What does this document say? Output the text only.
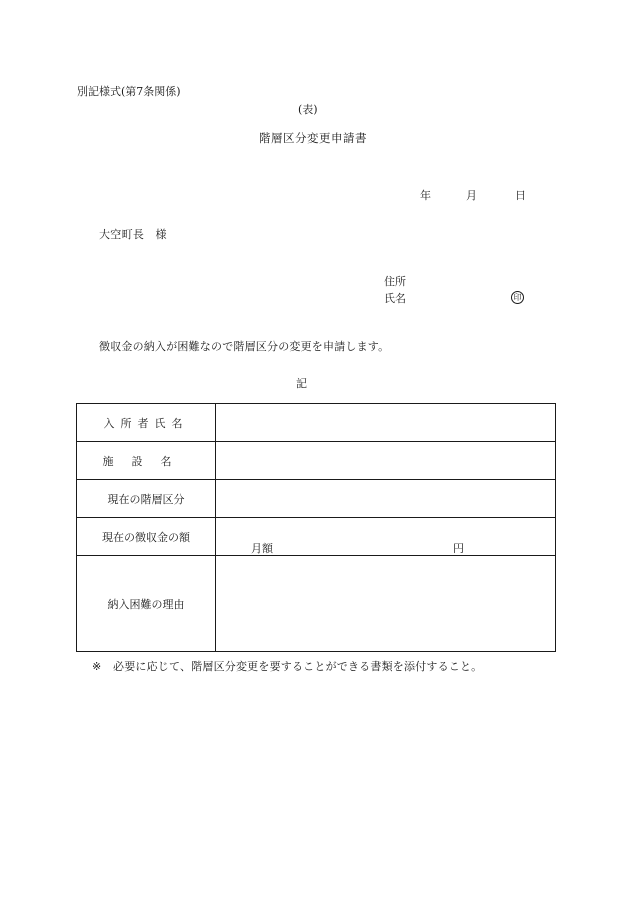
別記様式(第7条関係)
(表)
階層区分変更申請書
年	月	日
大空町長　様
住所
氏名	印
徴収金の納入が困難なので階層区分の変更を申請します。
記
入所者氏名	
施設名	
現在の階層区分	
現在の徴収金の額	月額 円

納入困難の理由	
※ 必要に応じて、階層区分変更を要することができる書類を添付すること。
